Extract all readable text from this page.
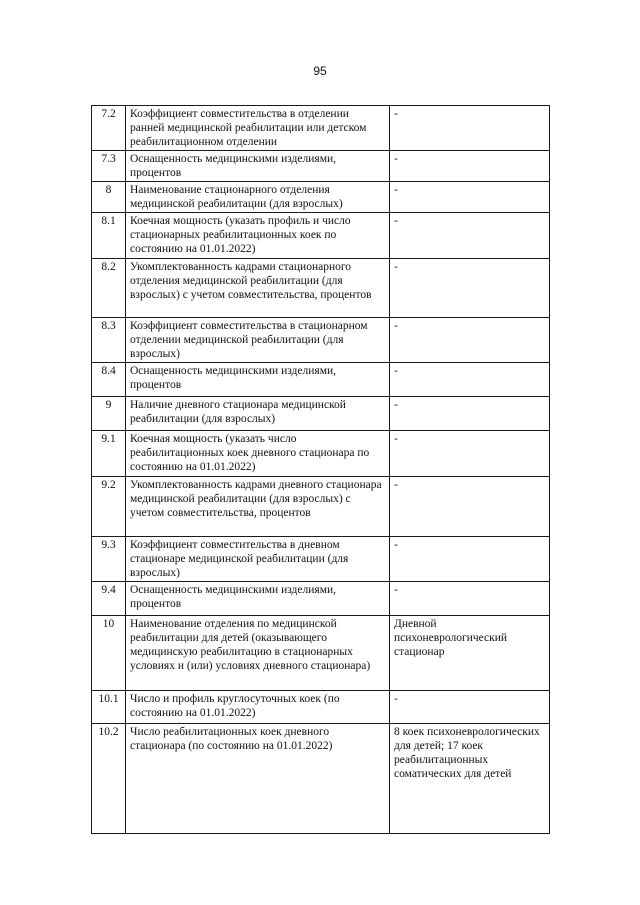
95
7.2	Коэффициент совместительства в отделении ранней медицинской реабилитации или детском реабилитационном отделении	-
7.3	Оснащенность медицинскими изделиями, процентов	-
8	Наименование стационарного отделения медицинской реабилитации (для взрослых)	-
8.1	Коечная мощность (указать профиль и число стационарных реабилитационных коек по состоянию на 01.01.2022)	-
8.2	Укомплектованность кадрами стационарного отделения медицинской реабилитации (для взрослых) с учетом совместительства, процентов	-
8.3	Коэффициент совместительства в стационарном отделении медицинской реабилитации (для взрослых)	-
8.4	Оснащенность медицинскими изделиями, процентов	-
9	Наличие дневного стационара медицинской реабилитации (для взрослых)	-
9.1	Коечная мощность (указать число реабилитационных коек дневного стационара по состоянию на 01.01.2022)	-
9.2	Укомплектованность кадрами дневного стационара медицинской реабилитации (для взрослых) с учетом совместительства, процентов	-
9.3	Коэффициент совместительства в дневном стационаре медицинской реабилитации (для взрослых)	-
9.4	Оснащенность медицинскими изделиями, процентов	-
10	Наименование отделения по медицинской реабилитации для детей (оказывающего медицинскую реабилитацию в стационарных условиях и (или) условиях дневного стационара)	Дневной психоневрологический стационар
10.1	Число и профиль круглосуточных коек (по состоянию на 01.01.2022)	-
10.2	Число реабилитационных коек дневного стационара (по состоянию на 01.01.2022)	8 коек психоневрологических для детей; 17 коек реабилитационных соматических для детей
